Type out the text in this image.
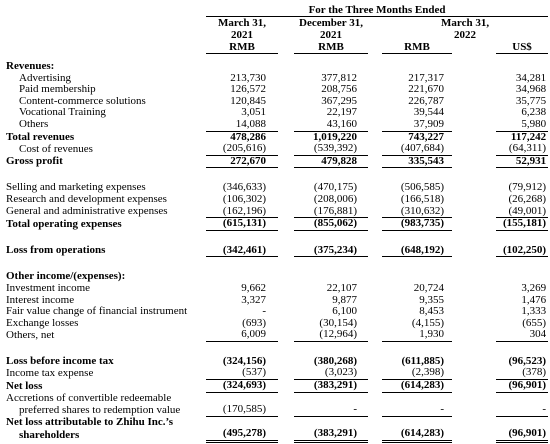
	For the Three Months Ended						
	March 31,		December 31,		March 31,		
	2021		2021		2022		
	RMB		RMB		RMB		US$

Revenues:							
Advertising	213,730		377,812		217,317		34,281
Paid membership	126,572		208,756		221,670		34,968
Content-commerce solutions	120,845		367,295		226,787		35,775
Vocational Training	3,051		22,197		39,544		6,238
Others	14,088		43,160		37,909		5,980
Total revenues	478,286		1,019,220		743,227		117,242
Cost of revenues	(205,616)		(539,392)		(407,684)		(64,311)
Gross profit	272,670		479,828		335,543		52,931

Selling and marketing expenses	(346,633)		(470,175)		(506,585)		(79,912)
Research and development expenses	(106,302)		(208,006)		(166,518)		(26,268)
General and administrative expenses	(162,196)		(176,881)		(310,632)		(49,001)
Total operating expenses	(615,131)		(855,062)		(983,735)		(155,181)

Loss from operations	(342,461)		(375,234)		(648,192)		(102,250)

Other income/(expenses):							
Investment income	9,662		22,107		20,724		3,269
Interest income	3,327		9,877		9,355		1,476
Fair value change of financial instrument	-		6,100		8,453		1,333
Exchange losses	(693)		(30,154)		(4,155)		(655)
Others, net	6,009		(12,964)		1,930		304

Loss before income tax	(324,156)		(380,268)		(611,885)		(96,523)
Income tax expense	(537)		(3,023)		(2,398)		(378)
Net loss	(324,693)		(383,291)		(614,283)		(96,901)
Accretions of convertible redeemable							
preferred shares to redemption value	(170,585)		-		-		-
Net loss attributable to Zhihu Inc.’s							
shareholders	(495,278)		(383,291)		(614,283)		(96,901)
